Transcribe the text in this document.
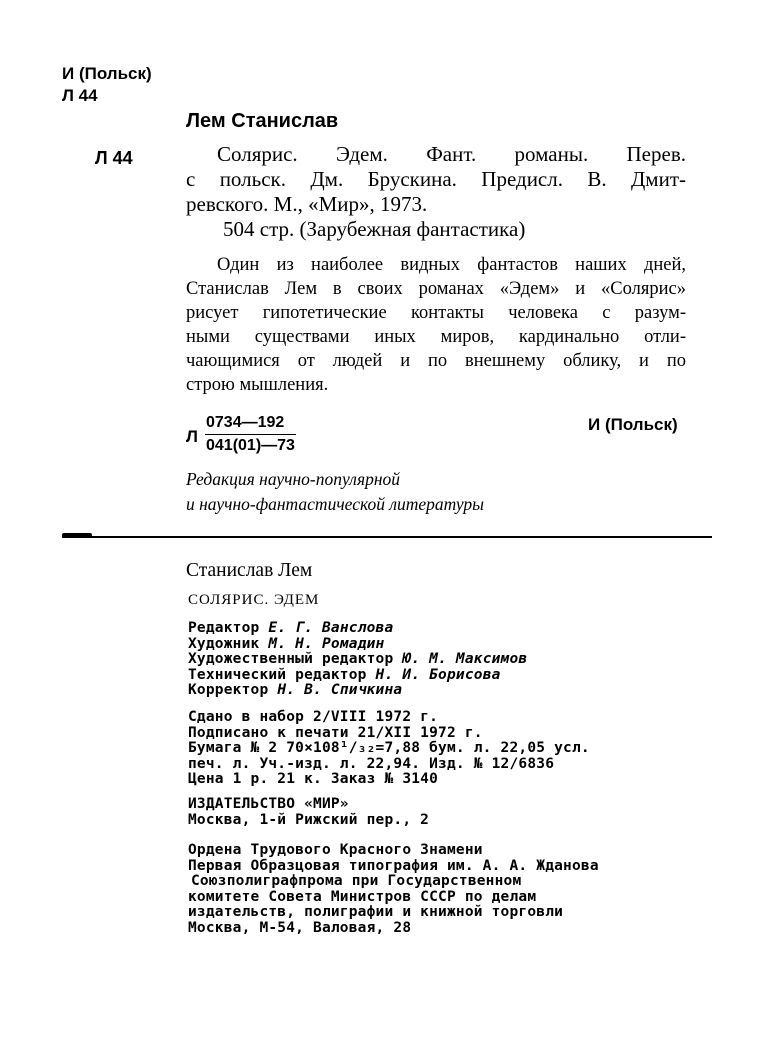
И (Польск)
Л 44
Лем Станислав
Л 44	Солярис. Эдем. Фант. романы. Перев.
с польск. Дм. Брускина. Предисл. В. Дмит-
ревского. М., «Мир», 1973.
504 стр. (Зарубежная фантастика)
Один из наиболее видных фантастов наших дней,
Станислав Лем в своих романах «Эдем» и «Солярис»
рисует гипотетические контакты человека с разум-
ными существами иных миров, кардинально отли-
чающимися от людей и по внешнему облику, и по
строю мышления.
Л $\frac{0734—192}{041(01)—73}$	И (Польск)
Редакция научно-популярной
и научно-фантастической литературы
Станислав Лем
СОЛЯРИС. ЭДЕМ
Редактор Е. Г. Ванслова
Художник М. Н. Ромадин
Художественный редактор Ю. М. Максимов
Технический редактор Н. И. Борисова
Корректор Н. В. Спичкина
Сдано в набор 2/VIII 1972 г.
Подписано к печати 21/XII 1972 г.
Бумага № 2 70×108¹/₃₂=7,88 бум. л. 22,05 усл.
печ. л. Уч.-изд. л. 22,94. Изд. № 12/6836
Цена 1 р. 21 к. Заказ № 3140
ИЗДАТЕЛЬСТВО «МИР»
Москва, 1-й Рижский пер., 2
Ордена Трудового Красного Знамени
Первая Образцовая типография им. А. А. Жданова
Союзполиграфпрома при Государственном
комитете Совета Министров СССР по делам
издательств, полиграфии и книжной торговли
Москва, М-54, Валовая, 28
